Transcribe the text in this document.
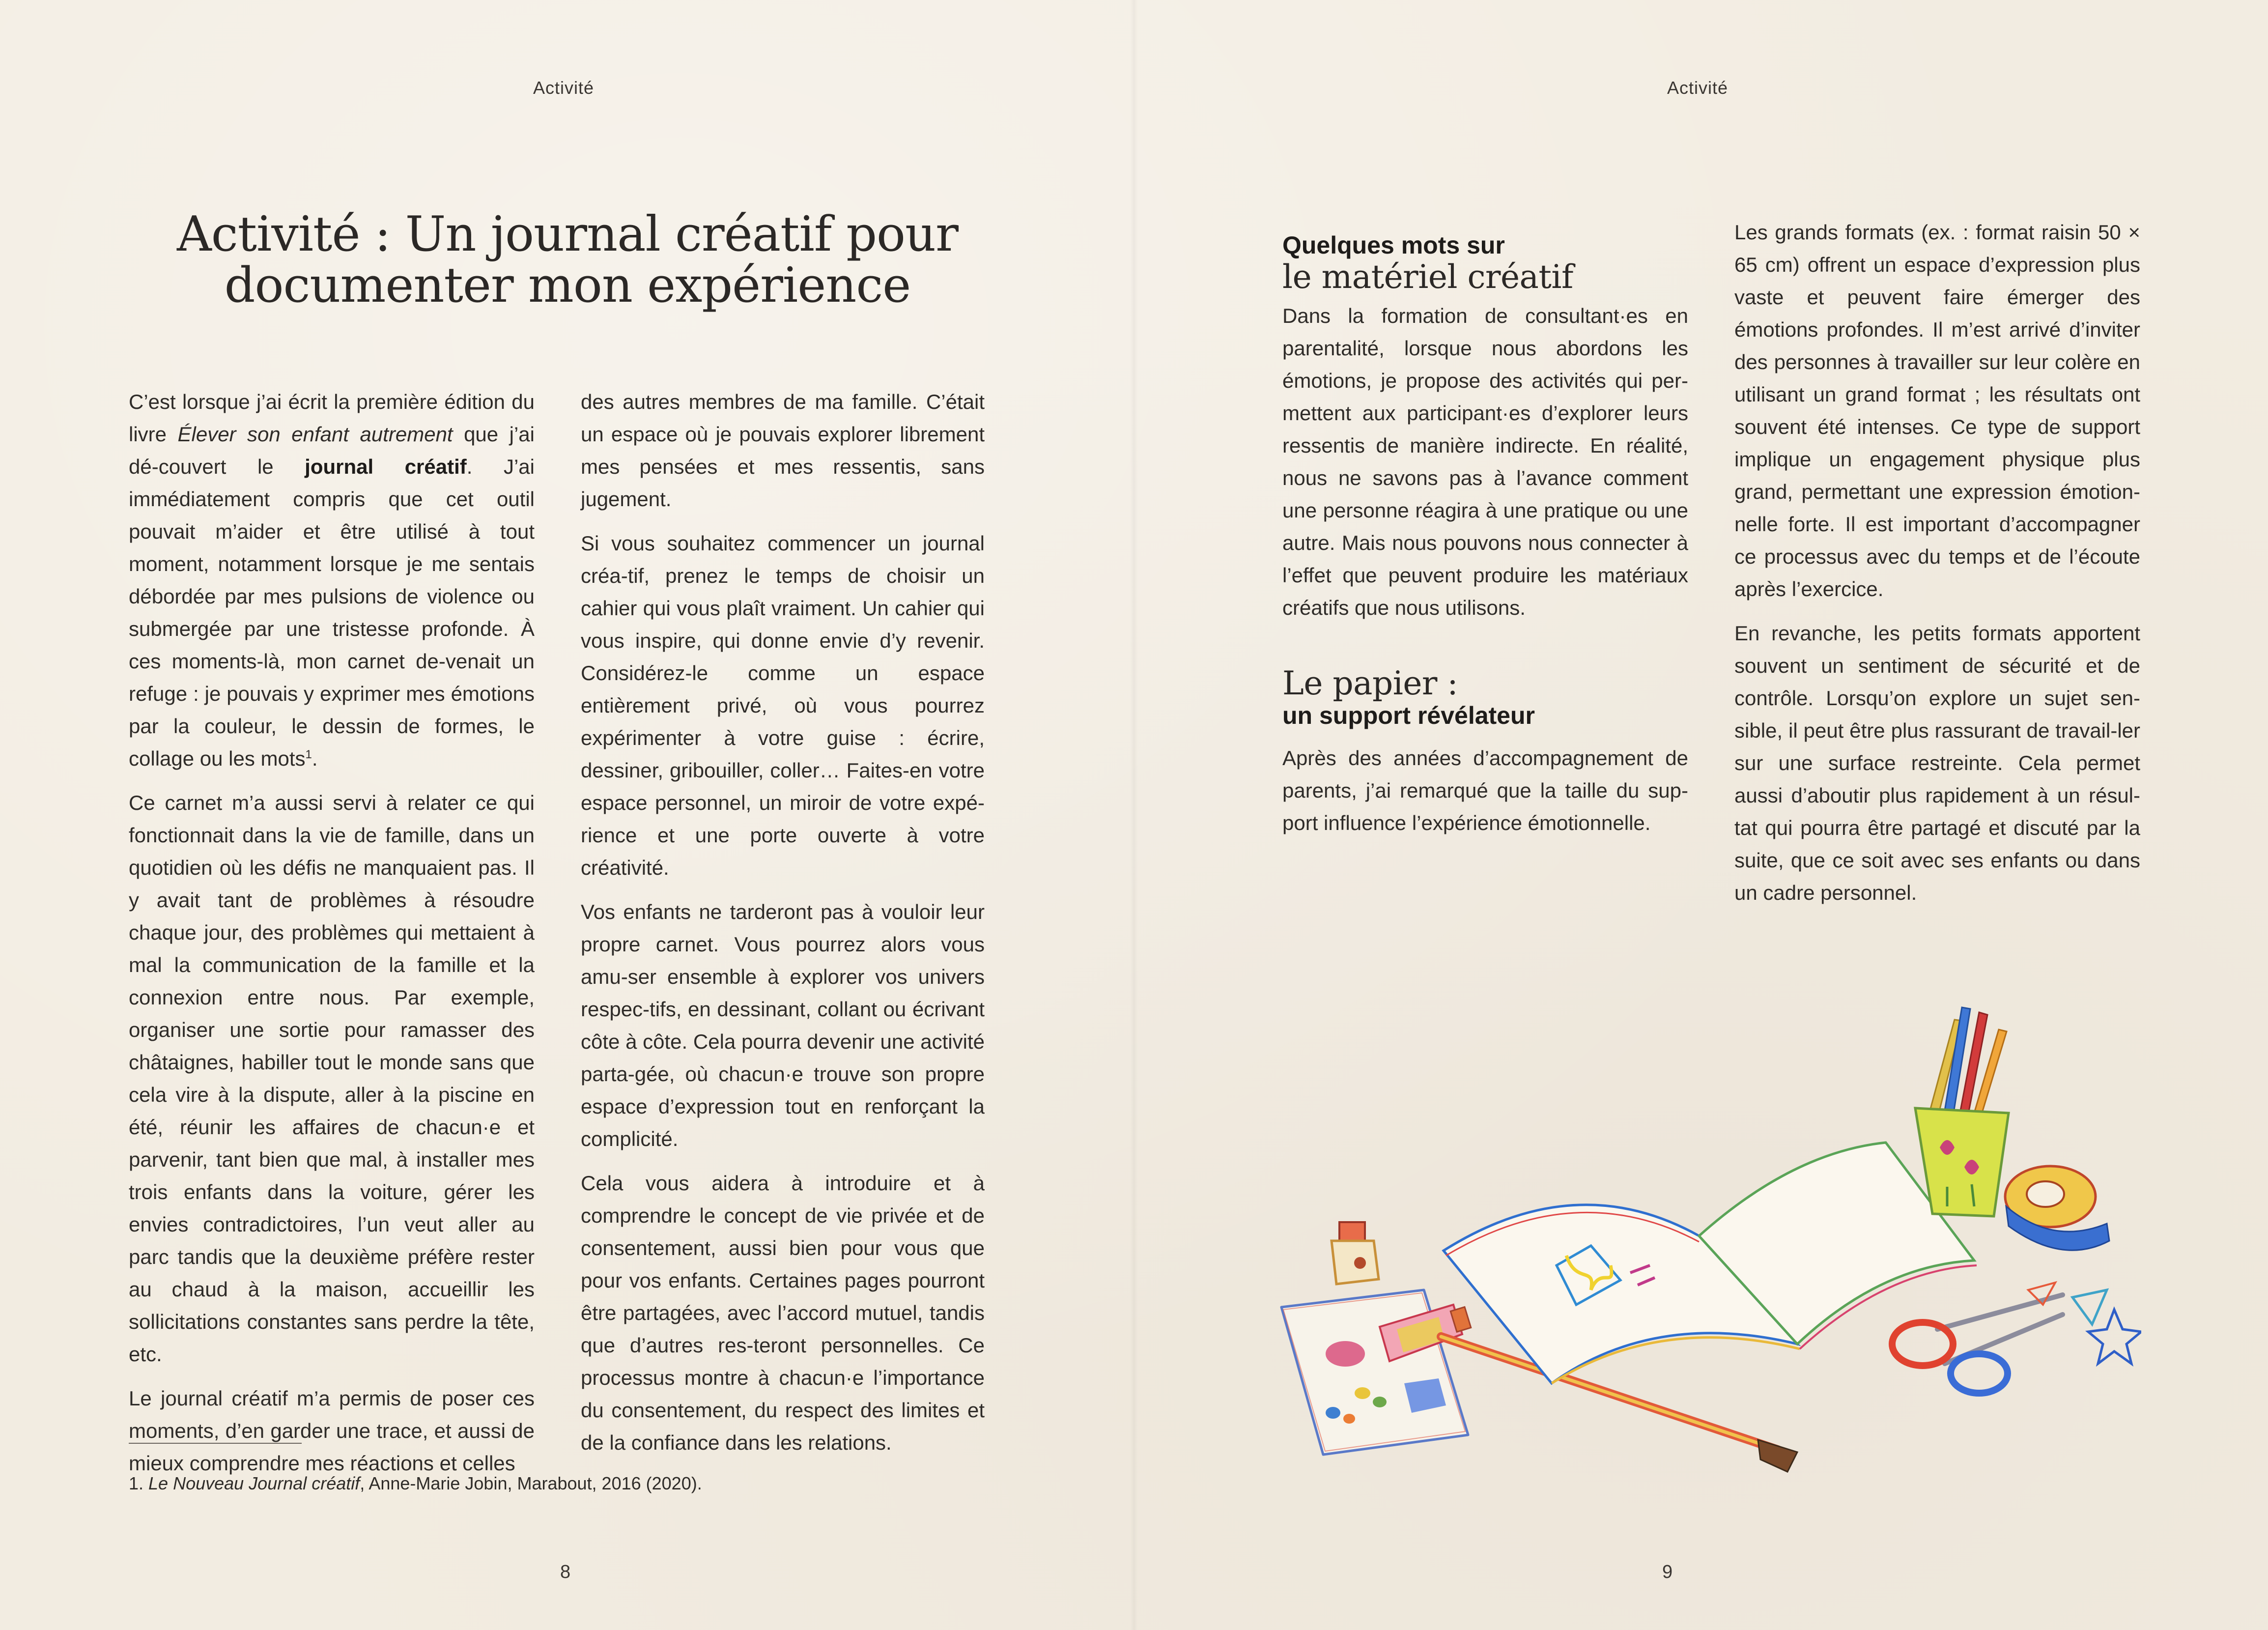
Activité
Activité : Un journal créatif pour
documenter mon expérience

C’est lorsque j’ai écrit la première édition du livre Élever son enfant autrement que j’ai dé-couvert le journal créatif. J’ai immédiatement compris que cet outil pouvait m’aider et être utilisé à tout moment, notamment lorsque je me sentais débordée par mes pulsions de violence ou submergée par une tristesse profonde. À ces moments-là, mon carnet de-venait un refuge : je pouvais y exprimer mes émotions par la couleur, le dessin de formes, le collage ou les mots$^1$.

Ce carnet m’a aussi servi à relater ce qui fonctionnait dans la vie de famille, dans un quotidien où les défis ne manquaient pas. Il y avait tant de problèmes à résoudre chaque jour, des problèmes qui mettaient à mal la communication de la famille et la connexion entre nous. Par exemple, organiser une sortie pour ramasser des châtaignes, habiller tout le monde sans que cela vire à la dispute, aller à la piscine en été, réunir les affaires de chacun·e et parvenir, tant bien que mal, à installer mes trois enfants dans la voiture, gérer les envies contradictoires, l’un veut aller au parc tandis que la deuxième préfère rester au chaud à la maison, accueillir les sollicitations constantes sans perdre la tête, etc.

Le journal créatif m’a permis de poser ces moments, d’en garder une trace, et aussi de mieux comprendre mes réactions et celles

des autres membres de ma famille. C’était un espace où je pouvais explorer librement mes pensées et mes ressentis, sans jugement.

Si vous souhaitez commencer un journal créa-tif, prenez le temps de choisir un cahier qui vous plaît vraiment. Un cahier qui vous inspire, qui donne envie d’y revenir. Considérez-le comme un espace entièrement privé, où vous pourrez expérimenter à votre guise : écrire, dessiner, gribouiller, coller… Faites-en votre espace personnel, un miroir de votre expé-rience et une porte ouverte à votre créativité.

Vos enfants ne tarderont pas à vouloir leur propre carnet. Vous pourrez alors vous amu-ser ensemble à explorer vos univers respec-tifs, en dessinant, collant ou écrivant côte à côte. Cela pourra devenir une activité parta-gée, où chacun·e trouve son propre espace d’expression tout en renforçant la complicité.

Cela vous aidera à introduire et à comprendre le concept de vie privée et de consentement, aussi bien pour vous que pour vos enfants. Certaines pages pourront être partagées, avec l’accord mutuel, tandis que d’autres res-teront personnelles. Ce processus montre à chacun·e l’importance du consentement, du respect des limites et de la confiance dans les relations.

1. Le Nouveau Journal créatif, Anne-Marie Jobin, Marabout, 2016 (2020).
8
Activité
Quelques mots sur
le matériel créatif

Dans la formation de consultant·es en parentalité, lorsque nous abordons les émotions, je propose des activités qui per-mettent aux participant·es d’explorer leurs ressentis de manière indirecte. En réalité, nous ne savons pas à l’avance comment une personne réagira à une pratique ou une autre. Mais nous pouvons nous connecter à l’effet que peuvent produire les matériaux créatifs que nous utilisons.

Le papier :
un support révélateur

Après des années d’accompagnement de parents, j’ai remarqué que la taille du sup-port influence l’expérience émotionnelle.

Les grands formats (ex. : format raisin 50 × 65 cm) offrent un espace d’expression plus vaste et peuvent faire émerger des émotions profondes. Il m’est arrivé d’inviter des personnes à travailler sur leur colère en utilisant un grand format ; les résultats ont souvent été intenses. Ce type de support implique un engagement physique plus grand, permettant une expression émotion-nelle forte. Il est important d’accompagner ce processus avec du temps et de l’écoute après l’exercice.

En revanche, les petits formats apportent souvent un sentiment de sécurité et de contrôle. Lorsqu’on explore un sujet sen-sible, il peut être plus rassurant de travail-ler sur une surface restreinte. Cela permet aussi d’aboutir plus rapidement à un résul-tat qui pourra être partagé et discuté par la suite, que ce soit avec ses enfants ou dans un cadre personnel.

9
